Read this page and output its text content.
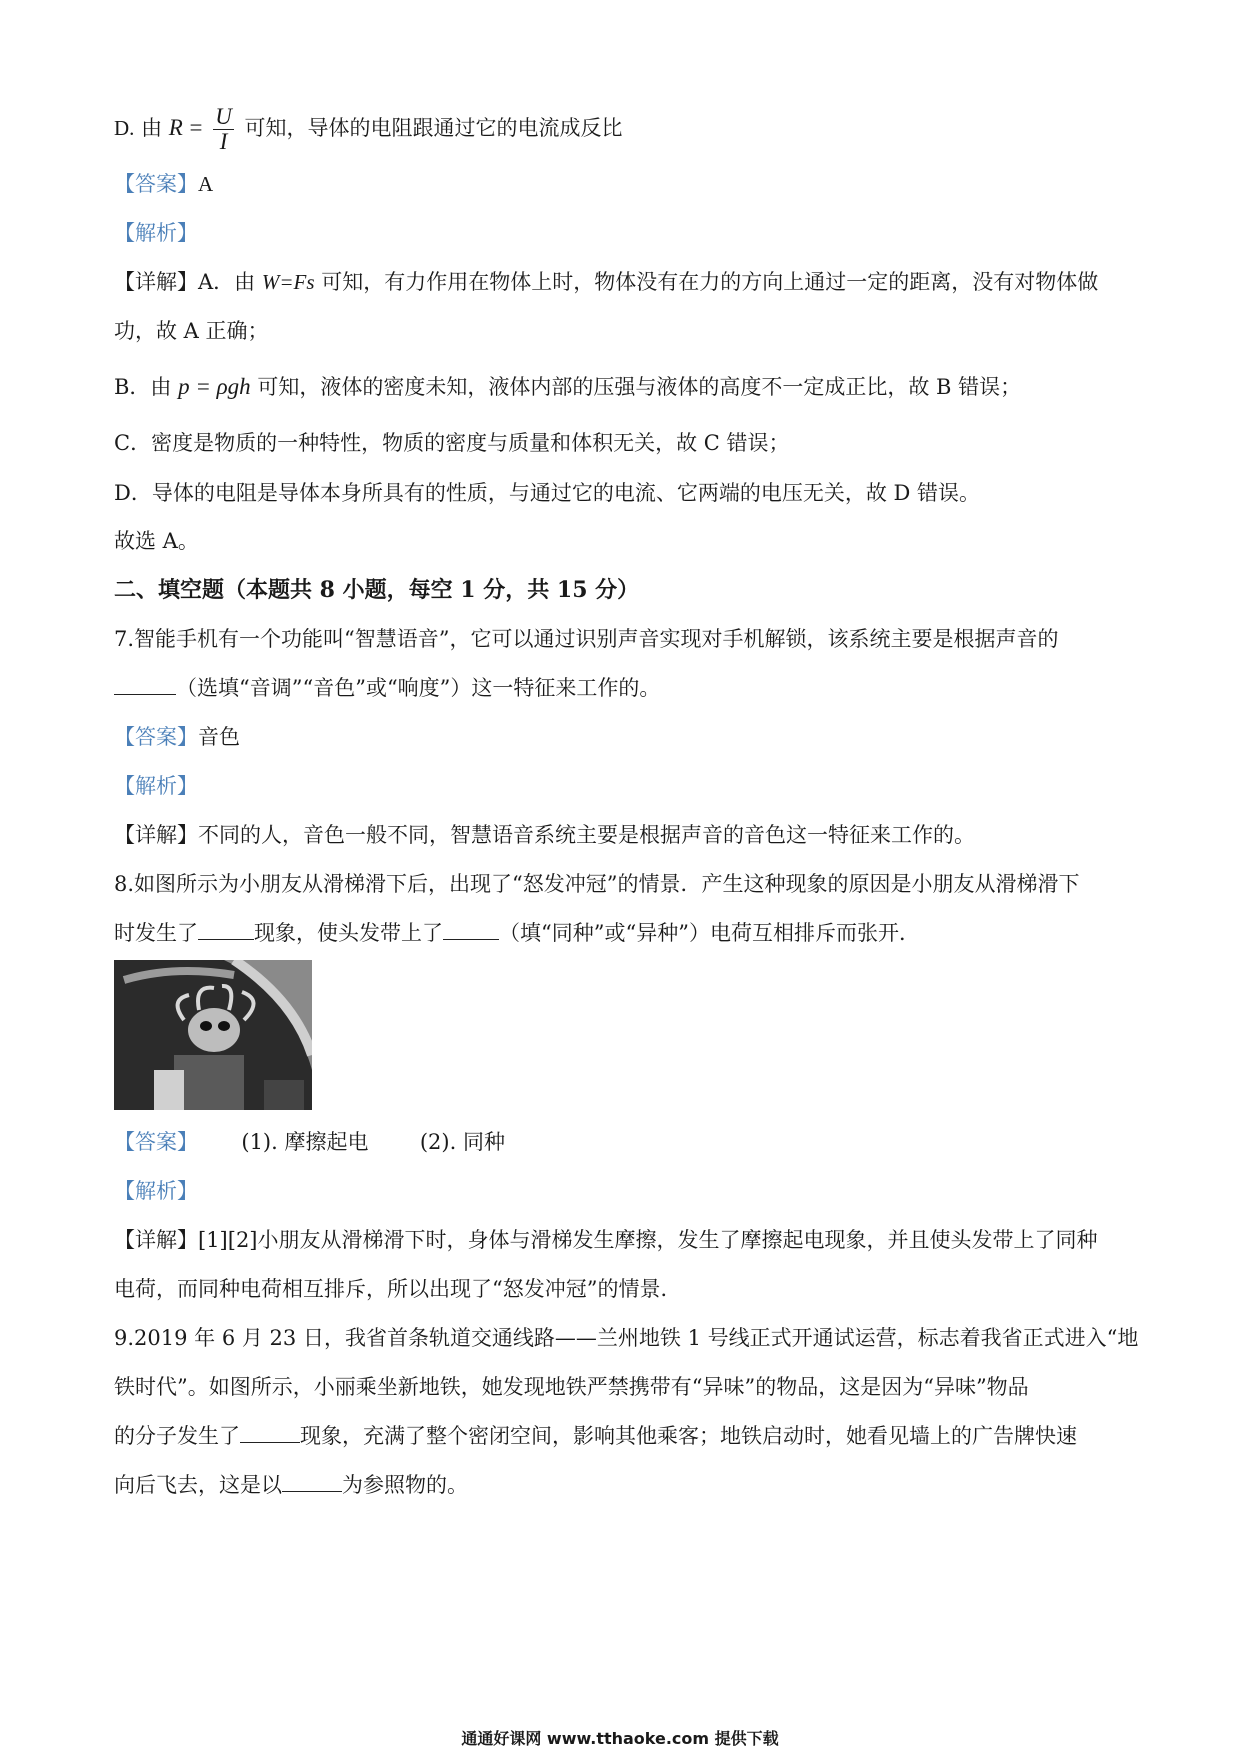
D. 由 $R = \frac{U}{I}$ 可知，导体的电阻跟通过它的电流成反比
【答案】A
【解析】
【详解】A．由 W=Fs 可知，有力作用在物体上时，物体没有在力的方向上通过一定的距离，没有对物体做
功，故 A 正确；
B．由 p = ρgh 可知，液体的密度未知，液体内部的压强与液体的高度不一定成正比，故 B 错误；
C．密度是物质的一种特性，物质的密度与质量和体积无关，故 C 错误；
D．导体的电阻是导体本身所具有的性质，与通过它的电流、它两端的电压无关，故 D 错误。
故选 A。
二、填空题（本题共 8 小题，每空 1 分，共 15 分）
7.智能手机有一个功能叫“智慧语音”，它可以通过识别声音实现对手机解锁，该系统主要是根据声音的
（选填“音调”“音色”或“响度”）这一特征来工作的。
【答案】音色
【解析】
【详解】不同的人，音色一般不同，智慧语音系统主要是根据声音的音色这一特征来工作的。
8.如图所示为小朋友从滑梯滑下后，出现了“怒发冲冠”的情景．产生这种现象的原因是小朋友从滑梯滑下
时发生了	现象，使头发带上了	（填“同种”或“异种”）电荷互相排斥而张开．
【答案】 (1). 摩擦起电 (2). 同种
【解析】
【详解】[1][2]小朋友从滑梯滑下时，身体与滑梯发生摩擦，发生了摩擦起电现象，并且使头发带上了同种
电荷，而同种电荷相互排斥，所以出现了“怒发冲冠”的情景．
9.2019 年 6 月 23 日，我省首条轨道交通线路——兰州地铁 1 号线正式开通试运营，标志着我省正式进入“地
铁时代”。如图所示，小丽乘坐新地铁，她发现地铁严禁携带有“异味”的物品，这是因为“异味”物品
的分子发生了	现象，充满了整个密闭空间，影响其他乘客；地铁启动时，她看见墙上的广告牌快速
向后飞去，这是以	为参照物的。
通通好课网 www.tthaoke.com 提供下载
